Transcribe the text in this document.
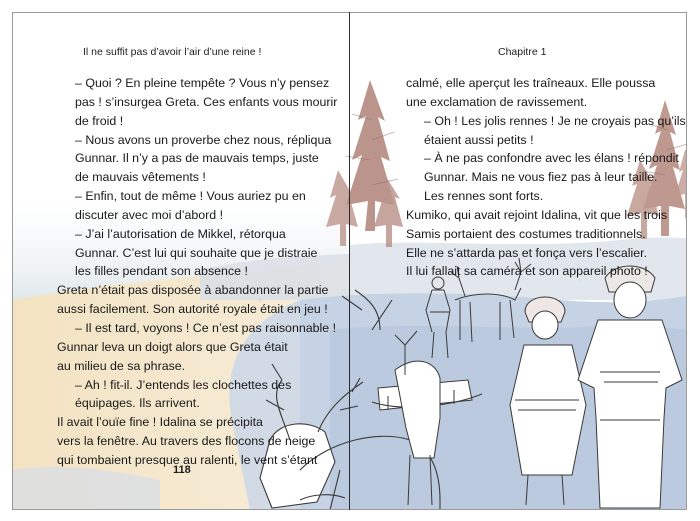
Il ne suffit pas d’avoir l’air d’une reine !
– Quoi ? En pleine tempête ? Vous n’y pensez
pas ! s’insurgea Greta. Ces enfants vous mourir
de froid !
– Nous avons un proverbe chez nous, répliqua
Gunnar. Il n’y a pas de mauvais temps, juste
de mauvais vêtements !
– Enfin, tout de même ! Vous auriez pu en
discuter avec moi d’abord !
– J’ai l’autorisation de Mikkel, rétorqua
Gunnar. C’est lui qui souhaite que je distraie
les filles pendant son absence !
Greta n’était pas disposée à abandonner la partie
aussi facilement. Son autorité royale était en jeu !
– Il est tard, voyons ! Ce n’est pas raisonnable !
Gunnar leva un doigt alors que Greta était
au milieu de sa phrase.
– Ah ! fit-il. J’entends les clochettes des
équipages. Ils arrivent.
Il avait l’ouïe fine ! Idalina se précipita
vers la fenêtre. Au travers des flocons de neige
qui tombaient presque au ralenti, le vent s’étant
118
Chapitre 1
calmé, elle aperçut les traîneaux. Elle poussa
une exclamation de ravissement.
– Oh ! Les jolis rennes ! Je ne croyais pas qu’ils
étaient aussi petits !
– À ne pas confondre avec les élans ! répondit
Gunnar. Mais ne vous fiez pas à leur taille.
Les rennes sont forts.
Kumiko, qui avait rejoint Idalina, vit que les trois
Samis portaient des costumes traditionnels.
Elle ne s’attarda pas et fonça vers l’escalier.
Il lui fallait sa caméra et son appareil photo !
